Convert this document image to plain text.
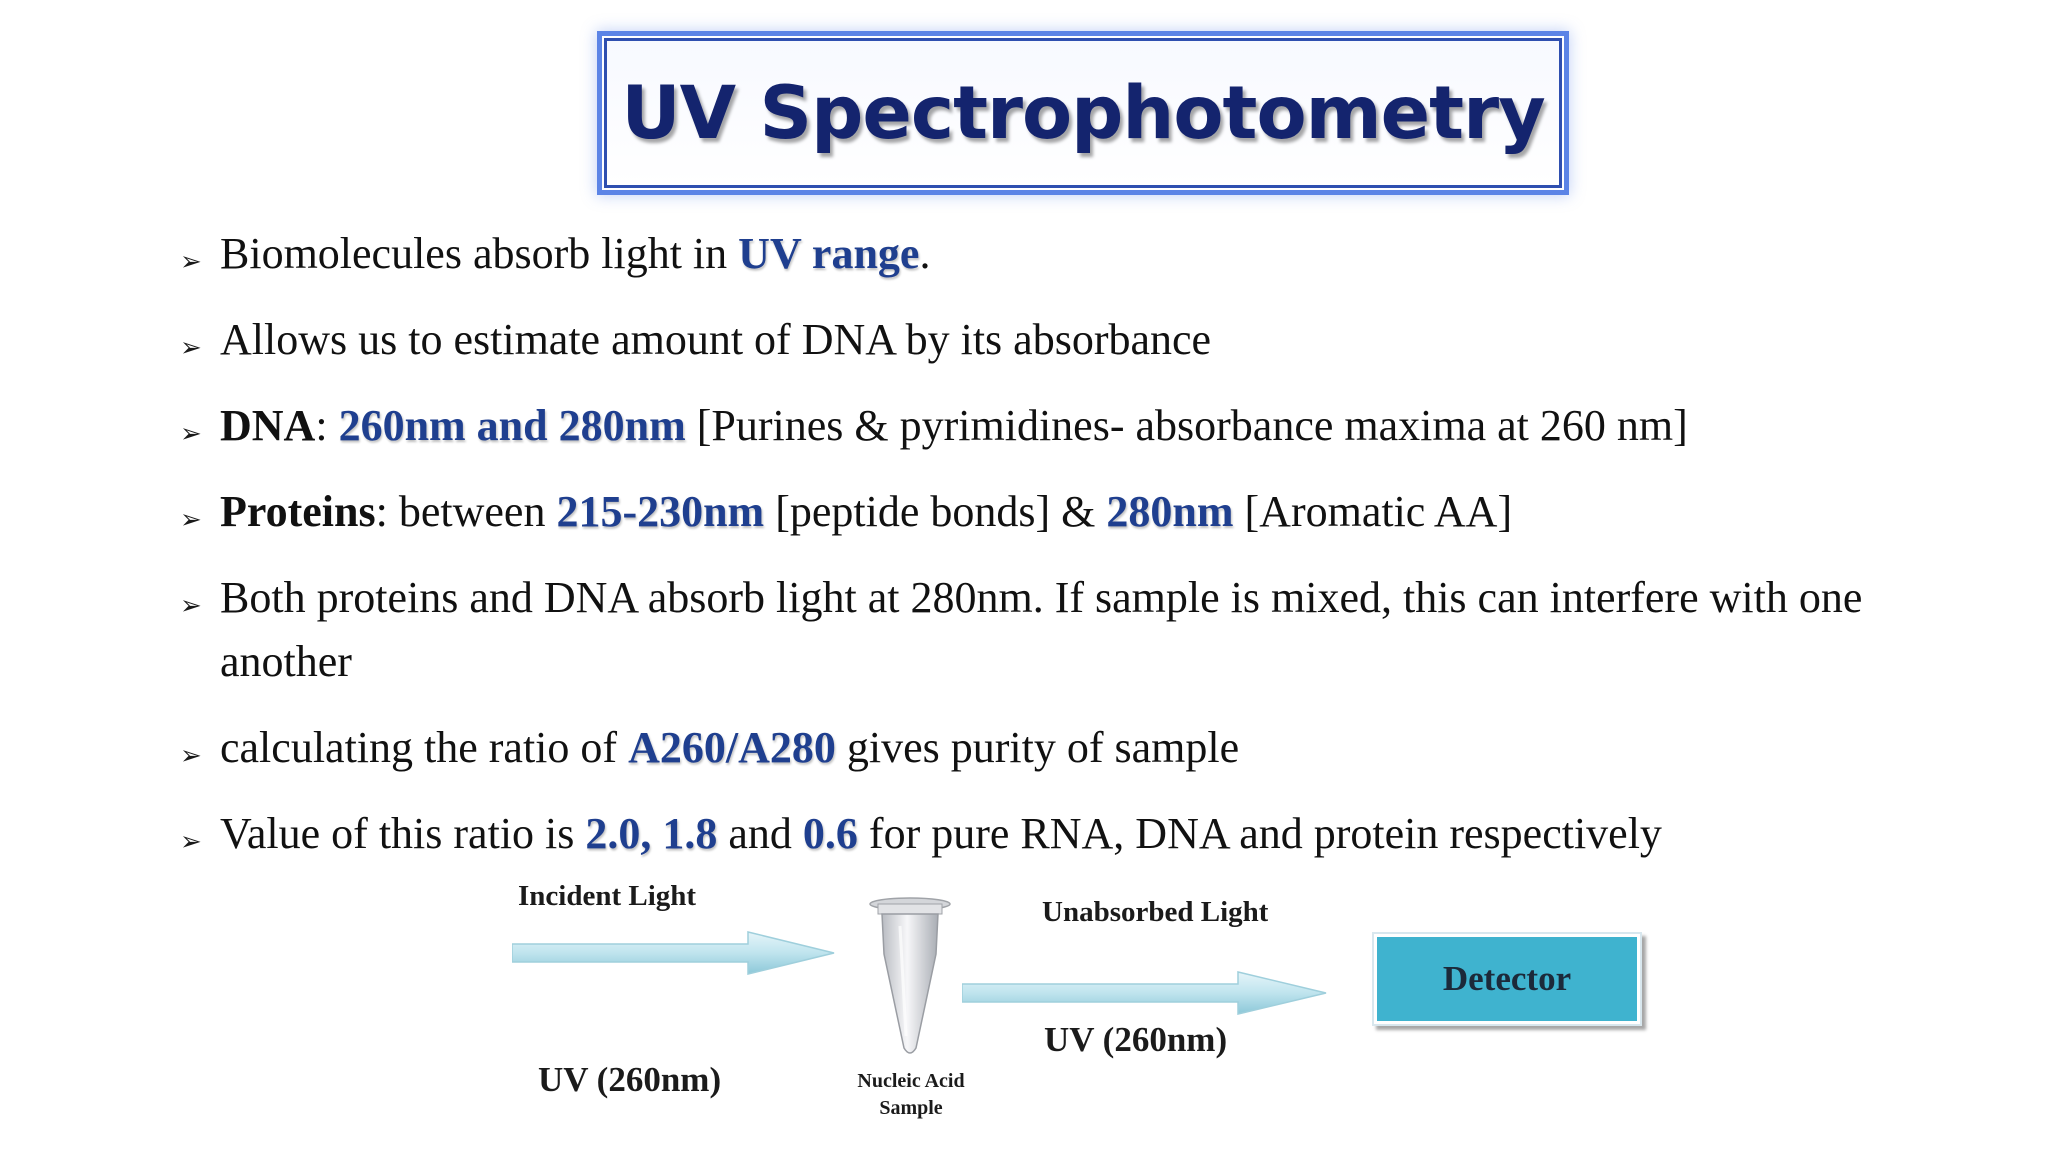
UV Spectrophotometry
➢ Biomolecules absorb light in UV range.
➢ Allows us to estimate amount of DNA by its absorbance
➢ DNA: 260nm and 280nm [Purines & pyrimidines- absorbance maxima at 260 nm]
➢ Proteins: between 215-230nm [peptide bonds] & 280nm [Aromatic AA]
➢ Both proteins and DNA absorb light at 280nm. If sample is mixed, this can interfere with one
another
➢ calculating the ratio of A260/A280 gives purity of sample
➢ Value of this ratio is 2.0, 1.8 and 0.6 for pure RNA, DNA and protein respectively
Incident Light
Nucleic Acid
Sample
Unabsorbed Light
UV (260nm)
UV (260nm)
Detector
